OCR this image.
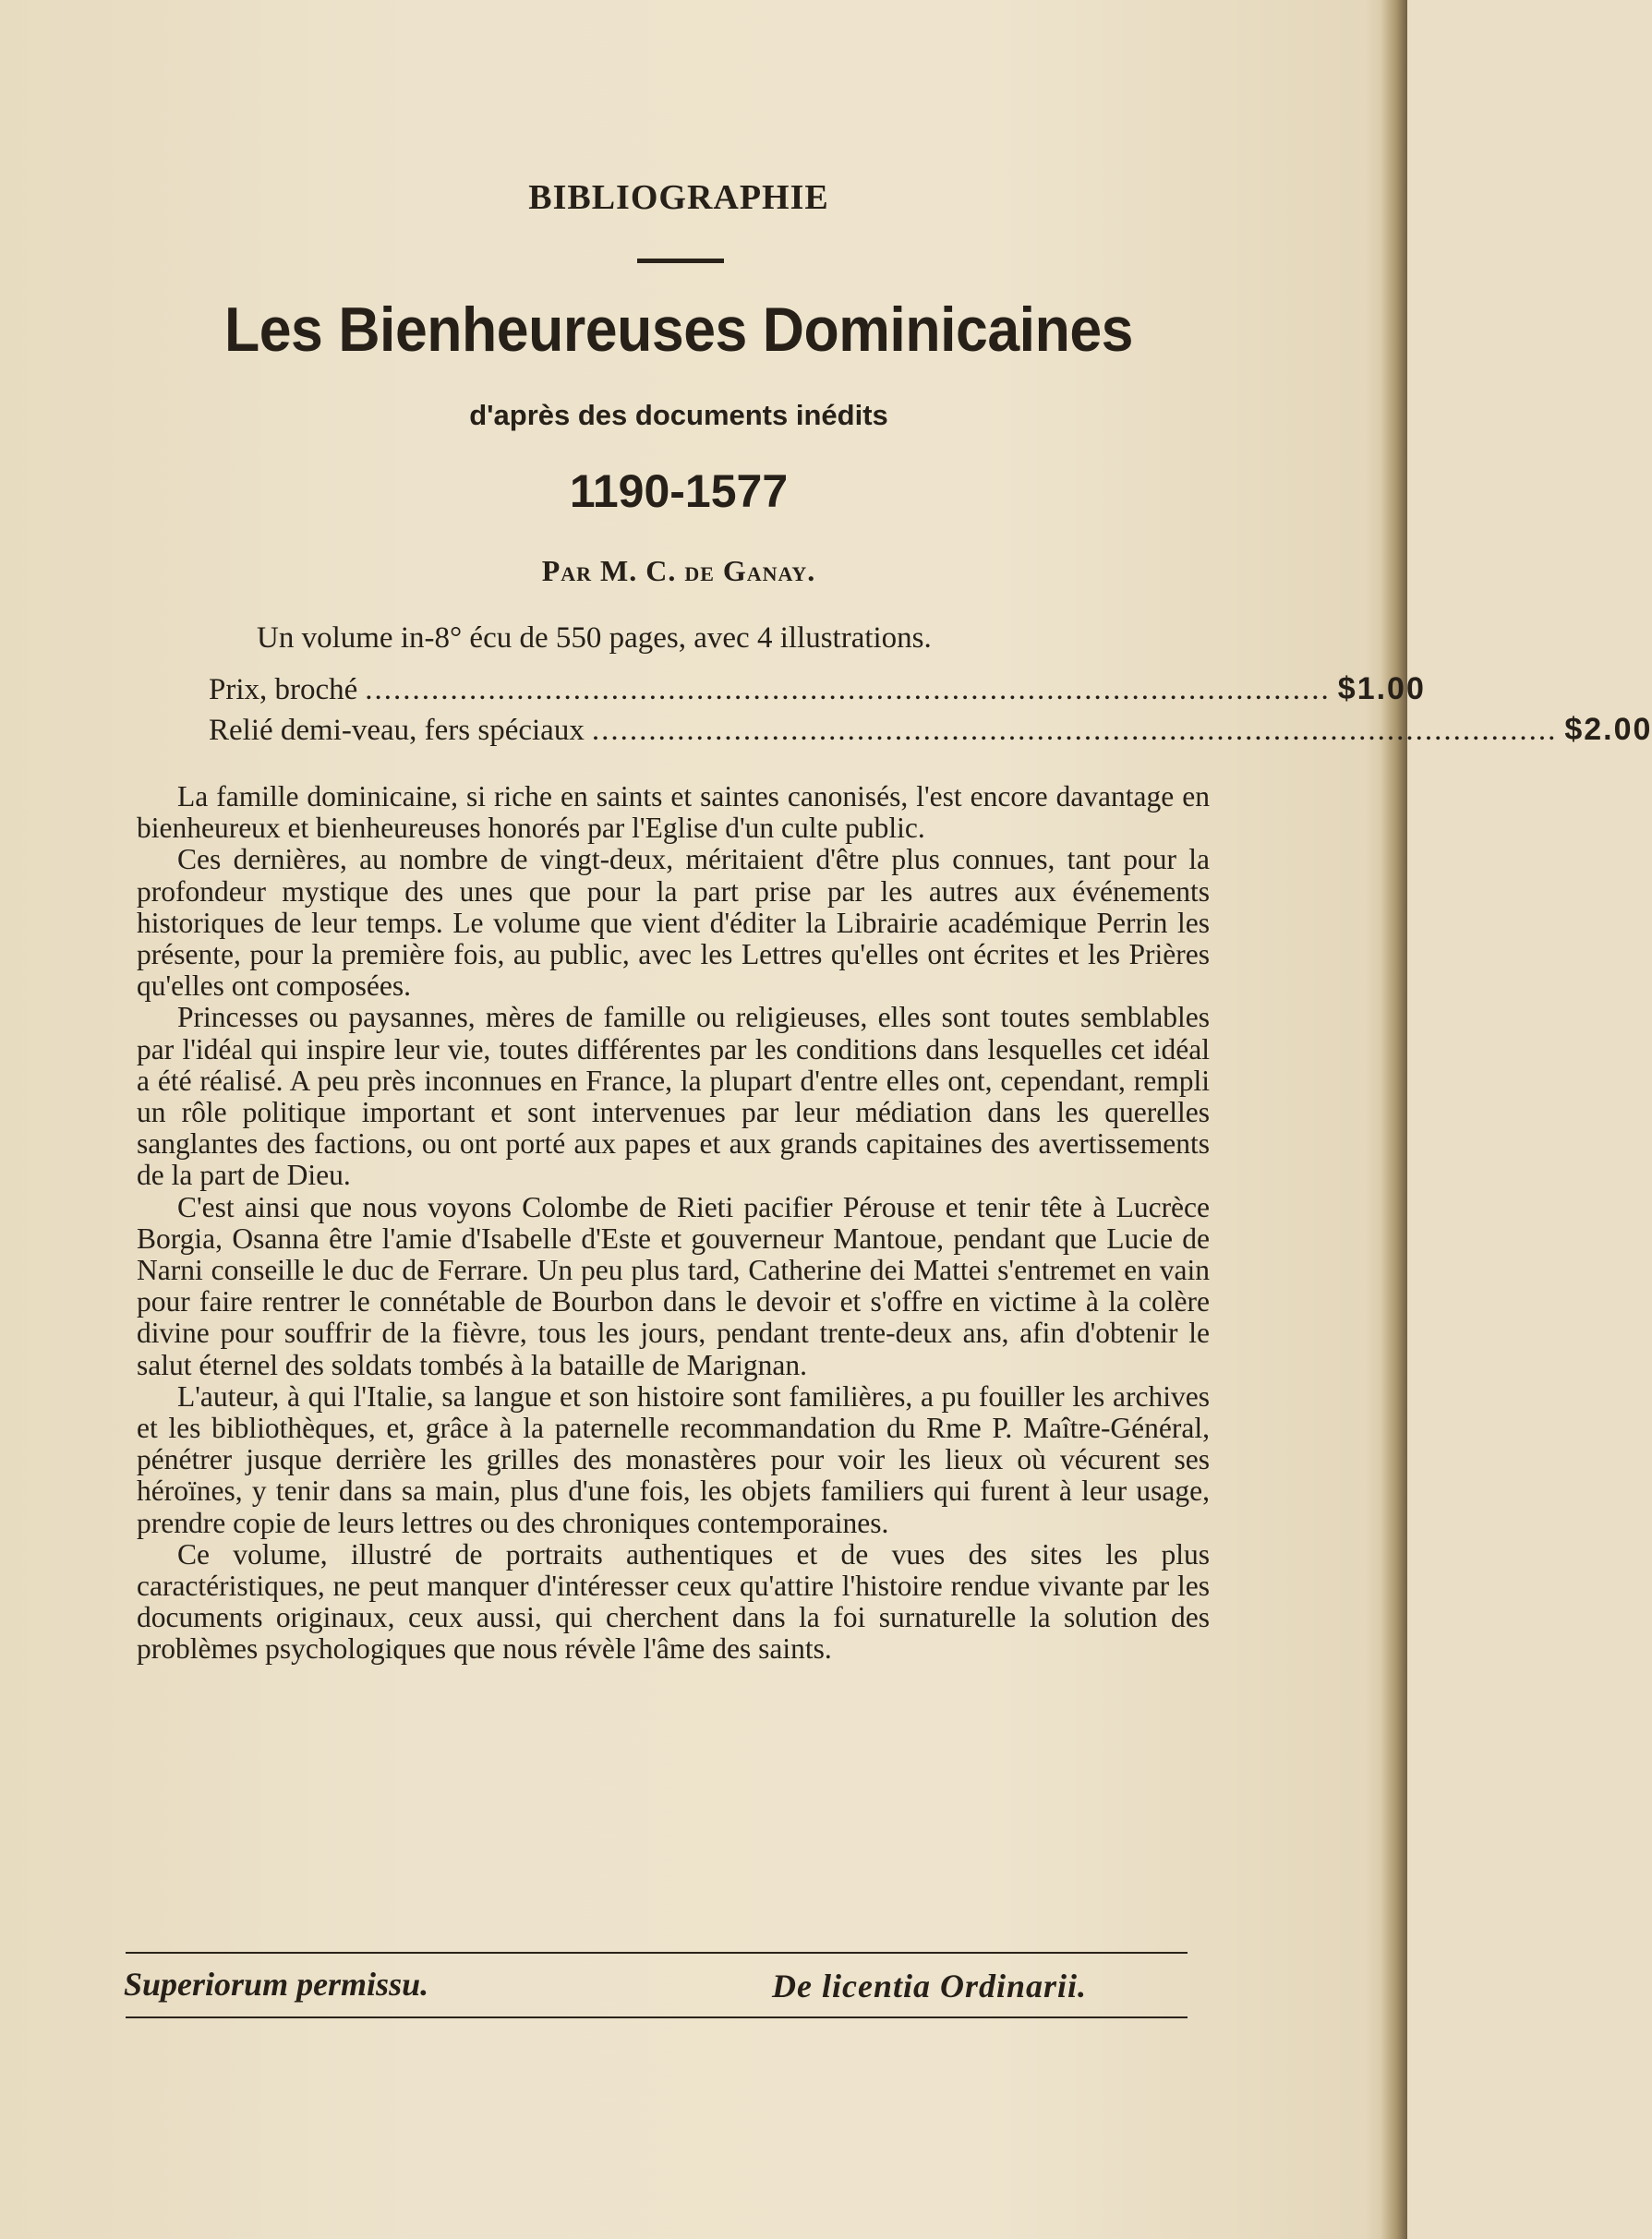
BIBLIOGRAPHIE
Les Bienheureuses Dominicaines
d'après des documents inédits
1190-1577
Par M. C. de Ganay.
Un volume in-8° écu de 550 pages, avec 4 illustrations.
Prix, broché ...................................................................................................... $1.00
Relié demi-veau, fers spéciaux ...................................................................................................... $2.00

La famille dominicaine, si riche en saints et saintes canonisés, l'est encore davantage en bienheureux et bienheureuses honorés par l'Eglise d'un culte public.

Ces dernières, au nombre de vingt-deux, méritaient d'être plus connues, tant pour la profondeur mystique des unes que pour la part prise par les autres aux événements historiques de leur temps. Le volume que vient d'éditer la Librairie académique Perrin les présente, pour la première fois, au public, avec les Lettres qu'elles ont écrites et les Prières qu'elles ont composées.

Princesses ou paysannes, mères de famille ou religieuses, elles sont toutes semblables par l'idéal qui inspire leur vie, toutes différentes par les conditions dans lesquelles cet idéal a été réalisé. A peu près inconnues en France, la plupart d'entre elles ont, cependant, rempli un rôle politique important et sont intervenues par leur médiation dans les querelles sanglantes des factions, ou ont porté aux papes et aux grands capitaines des avertissements de la part de Dieu.

C'est ainsi que nous voyons Colombe de Rieti pacifier Pérouse et tenir tête à Lucrèce Borgia, Osanna être l'amie d'Isabelle d'Este et gouverneur Mantoue, pendant que Lucie de Narni conseille le duc de Ferrare. Un peu plus tard, Catherine dei Mattei s'entremet en vain pour faire rentrer le connétable de Bourbon dans le devoir et s'offre en victime à la colère divine pour souffrir de la fièvre, tous les jours, pendant trente-deux ans, afin d'obtenir le salut éternel des soldats tombés à la bataille de Marignan.

L'auteur, à qui l'Italie, sa langue et son histoire sont familières, a pu fouiller les archives et les bibliothèques, et, grâce à la paternelle recommandation du Rme P. Maître-Général, pénétrer jusque derrière les grilles des monastères pour voir les lieux où vécurent ses héroïnes, y tenir dans sa main, plus d'une fois, les objets familiers qui furent à leur usage, prendre copie de leurs lettres ou des chroniques contemporaines.

Ce volume, illustré de portraits authentiques et de vues des sites les plus caractéristiques, ne peut manquer d'intéresser ceux qu'attire l'histoire rendue vivante par les documents originaux, ceux aussi, qui cherchent dans la foi surnaturelle la solution des problèmes psychologiques que nous révèle l'âme des saints.

Superiorum permissu.	De licentia Ordinarii.
